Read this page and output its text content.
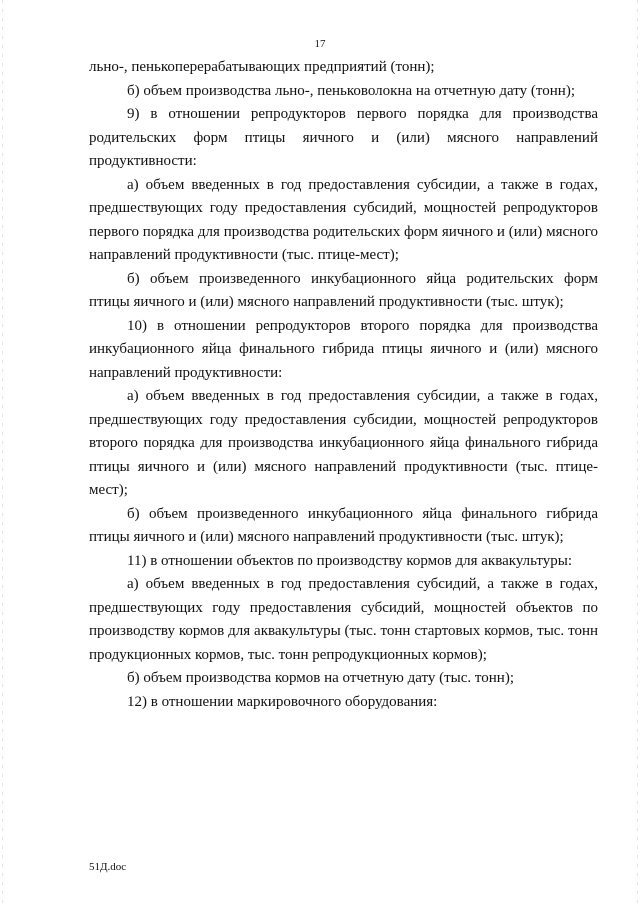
17

льно-, пенькоперерабатывающих предприятий (тонн);

б) объем производства льно-, пеньковолокна на отчетную дату (тонн);

9) в отношении репродукторов первого порядка для производства родительских форм птицы яичного и (или) мясного направлений продуктивности:

а) объем введенных в год предоставления субсидии, а также в годах, предшествующих году предоставления субсидий, мощностей репродукторов первого порядка для производства родительских форм яичного и (или) мясного направлений продуктивности (тыс. птице-мест);

б) объем произведенного инкубационного яйца родительских форм птицы яичного и (или) мясного направлений продуктивности (тыс. штук);

10) в отношении репродукторов второго порядка для производства инкубационного яйца финального гибрида птицы яичного и (или) мясного направлений продуктивности:

а) объем введенных в год предоставления субсидии, а также в годах, предшествующих году предоставления субсидии, мощностей репродукторов второго порядка для производства инкубационного яйца финального гибрида птицы яичного и (или) мясного направлений продуктивности (тыс. птице-мест);

б) объем произведенного инкубационного яйца финального гибрида птицы яичного и (или) мясного направлений продуктивности (тыс. штук);

11) в отношении объектов по производству кормов для аквакультуры:

а) объем введенных в год предоставления субсидий, а также в годах, предшествующих году предоставления субсидий, мощностей объектов по производству кормов для аквакультуры (тыс. тонн стартовых кормов, тыс. тонн продукционных кормов, тыс. тонн репродукционных кормов);

б) объем производства кормов на отчетную дату (тыс. тонн);

12) в отношении маркировочного оборудования:

51Д.doc
